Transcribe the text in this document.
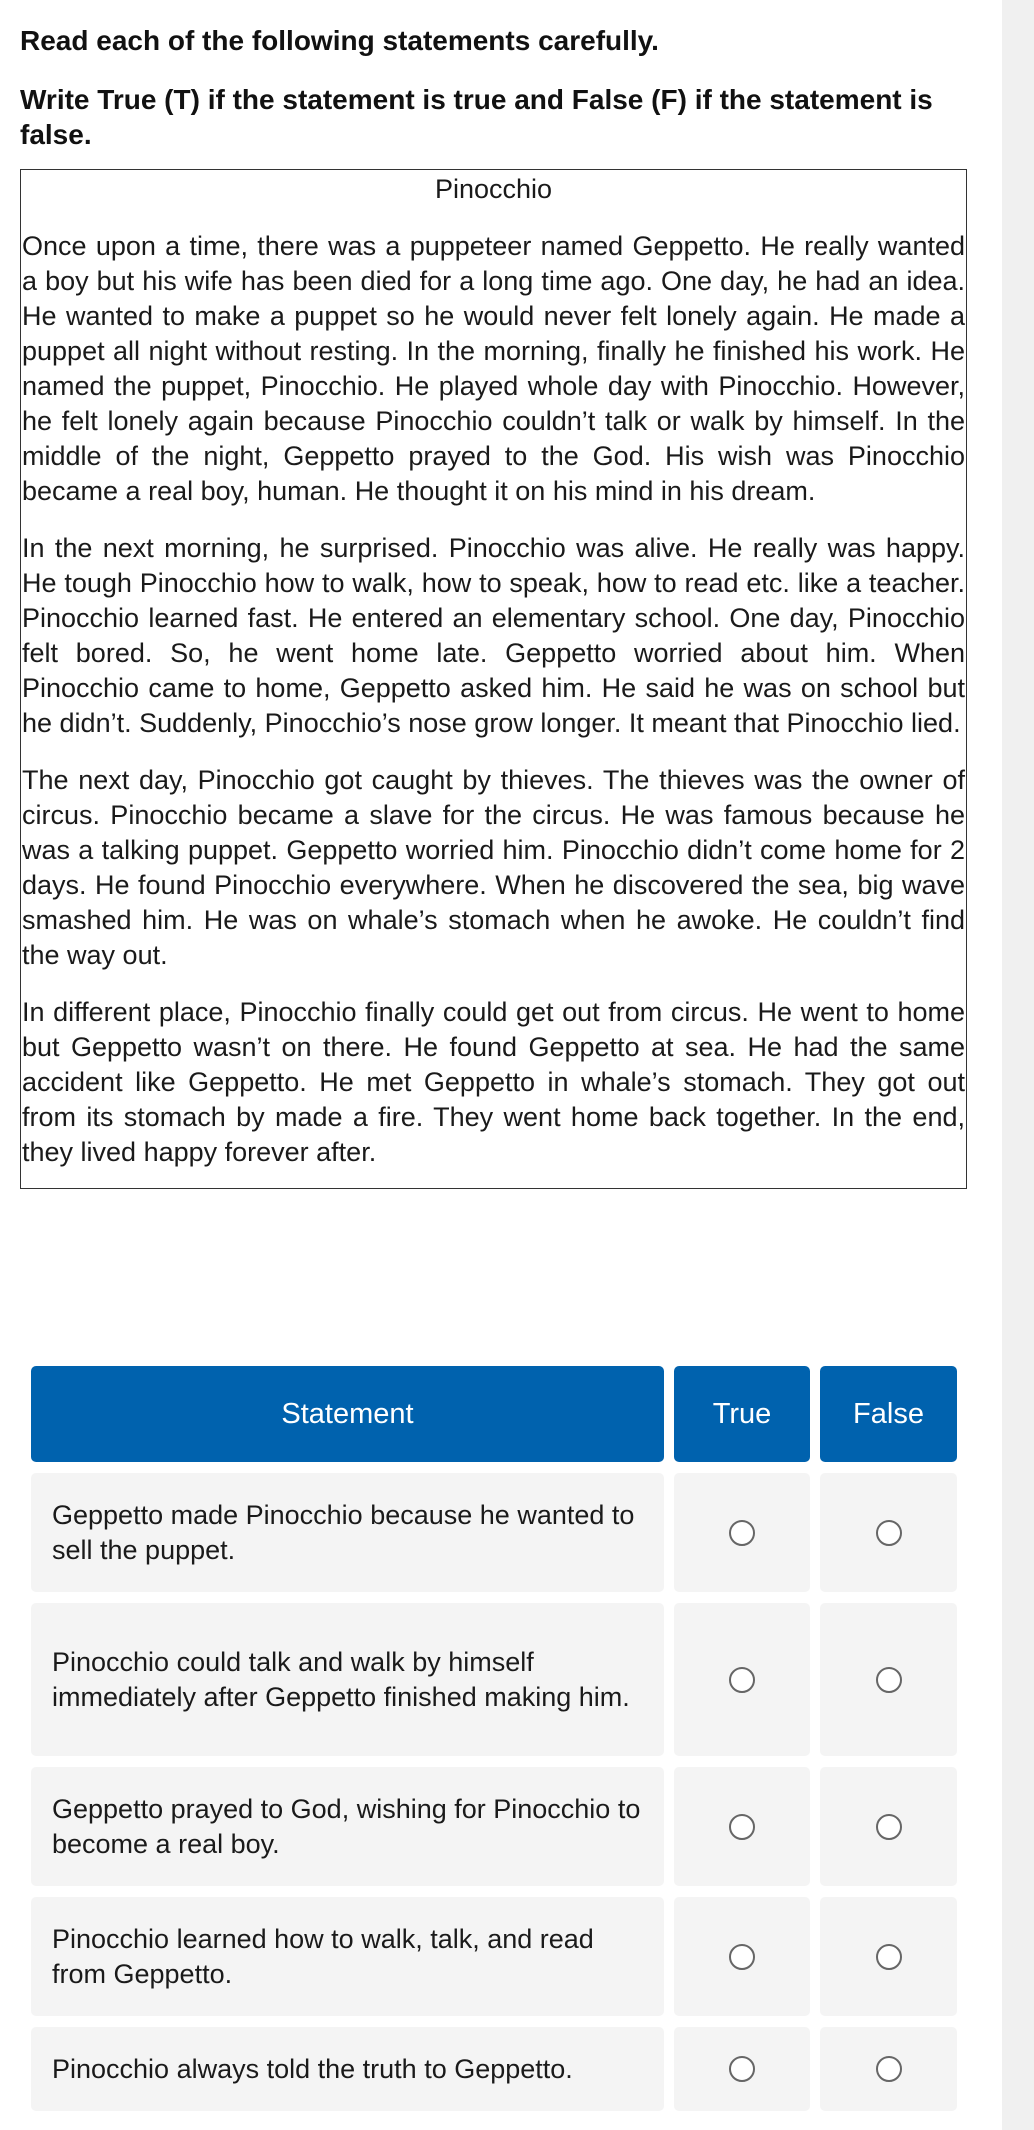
Read each of the following statements carefully.

Write True (T) if the statement is true and False (F) if the statement is false.

Pinocchio

Once upon a time, there was a puppeteer named Geppetto. He really wanted a boy but his wife has been died for a long time ago. One day, he had an idea. He wanted to make a puppet so he would never felt lonely again. He made a puppet all night without resting. In the morning, finally he finished his work. He named the puppet, Pinocchio. He played whole day with Pinocchio. However, he felt lonely again because Pinocchio couldn’t talk or walk by himself. In the middle of the night, Geppetto prayed to the God. His wish was Pinocchio became a real boy, human. He thought it on his mind in his dream.

In the next morning, he surprised. Pinocchio was alive. He really was happy. He tough Pinocchio how to walk, how to speak, how to read etc. like a teacher. Pinocchio learned fast. He entered an elementary school. One day, Pinocchio felt bored. So, he went home late. Geppetto worried about him. When Pinocchio came to home, Geppetto asked him. He said he was on school but he didn’t. Suddenly, Pinocchio’s nose grow longer. It meant that Pinocchio lied.

The next day, Pinocchio got caught by thieves. The thieves was the owner of circus. Pinocchio became a slave for the circus. He was famous because he was a talking puppet. Geppetto worried him. Pinocchio didn’t come home for 2 days. He found Pinocchio everywhere. When he discovered the sea, big wave smashed him. He was on whale’s stomach when he awoke. He couldn’t find the way out.

In different place, Pinocchio finally could get out from circus. He went to home but Geppetto wasn’t on there. He found Geppetto at sea. He had the same accident like Geppetto. He met Geppetto in whale’s stomach. They got out from its stomach by made a fire. They went home back together. In the end, they lived happy forever after.

Statement	True	False
Geppetto made Pinocchio because he wanted to sell the puppet.
Pinocchio could talk and walk by himself immediately after Geppetto finished making him.
Geppetto prayed to God, wishing for Pinocchio to become a real boy.
Pinocchio learned how to walk, talk, and read from Geppetto.
Pinocchio always told the truth to Geppetto.
